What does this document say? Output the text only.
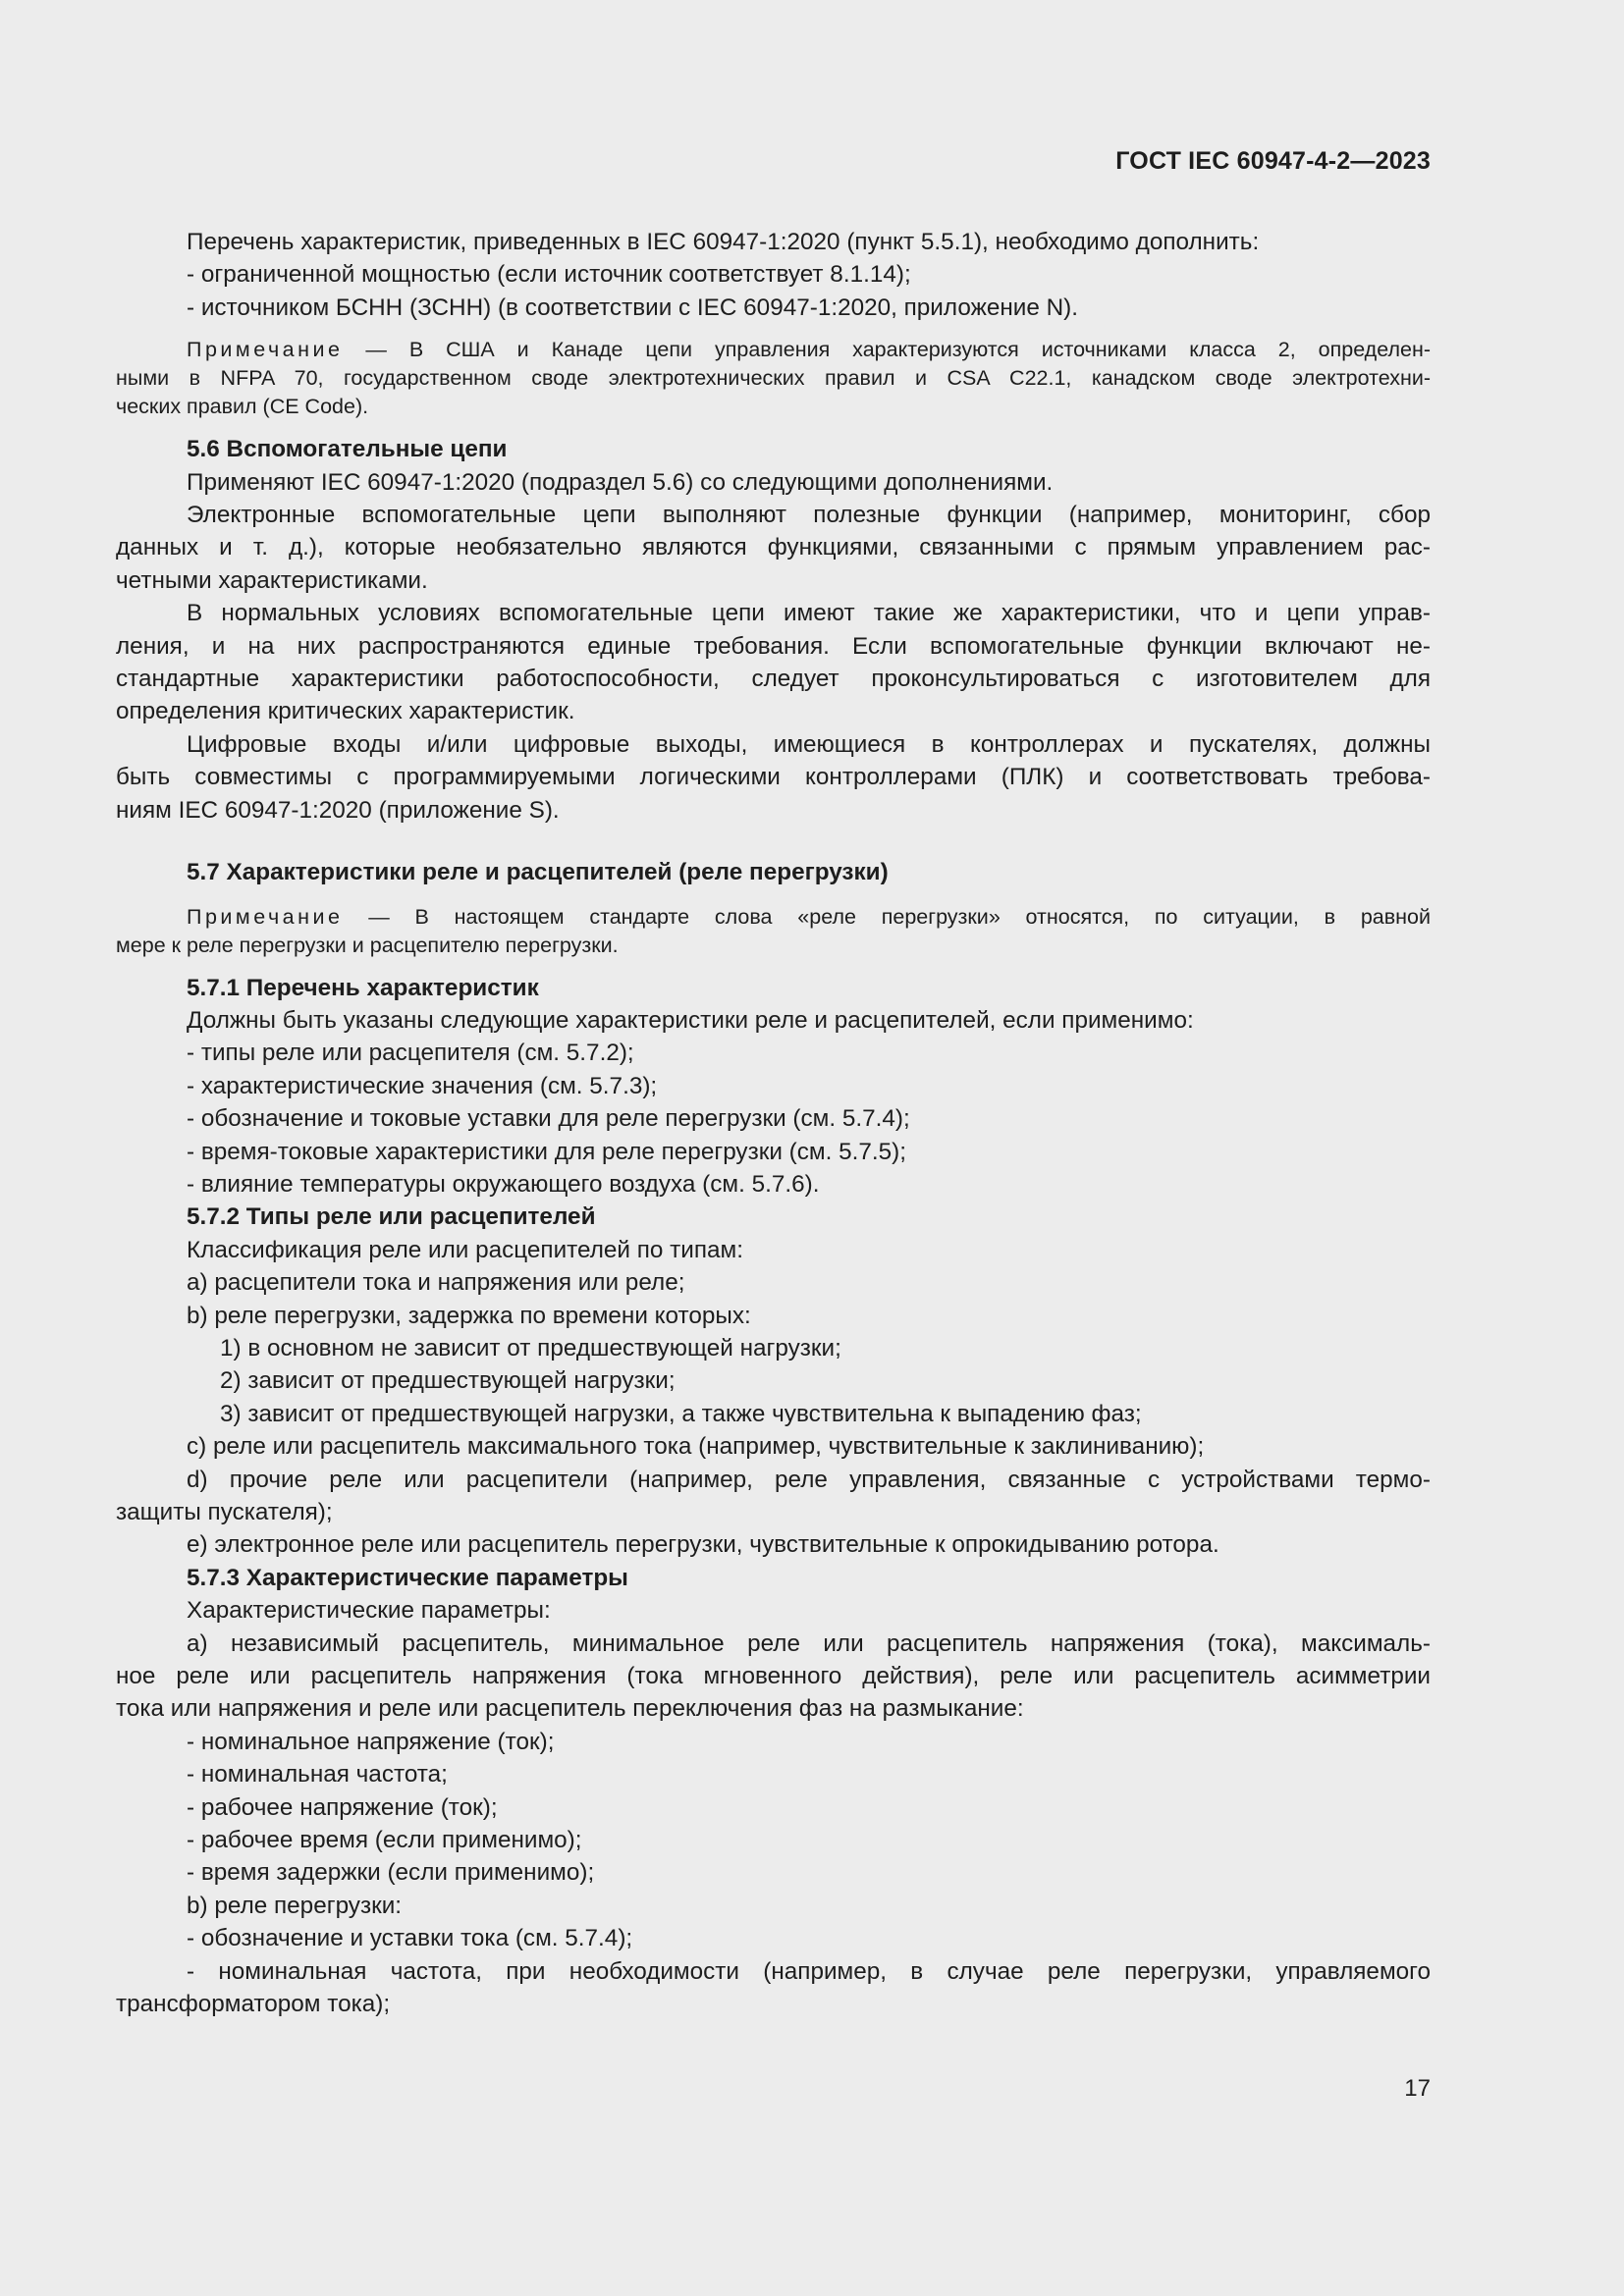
ГОСТ IEC 60947-4-2—2023

Перечень характеристик, приведенных в IEC 60947-1:2020 (пункт 5.5.1), необходимо дополнить:

- ограниченной мощностью (если источник соответствует 8.1.14);

- источником БСНН (ЗСНН) (в соответствии с IEC 60947-1:2020, приложение N).

Примечание — В США и Канаде цепи управления характеризуются источниками класса 2, определен-

ными в NFPA 70, государственном своде электротехнических правил и CSA C22.1, канадском своде электротехни-

ческих правил (CE Code).

5.6 Вспомогательные цепи

Применяют IEC 60947-1:2020 (подраздел 5.6) со следующими дополнениями.

Электронные вспомогательные цепи выполняют полезные функции (например, мониторинг, сбор

данных и т. д.), которые необязательно являются функциями, связанными с прямым управлением рас-

четными характеристиками.

В нормальных условиях вспомогательные цепи имеют такие же характеристики, что и цепи управ-

ления, и на них распространяются единые требования. Если вспомогательные функции включают не-

стандартные характеристики работоспособности, следует проконсультироваться с изготовителем для

определения критических характеристик.

Цифровые входы и/или цифровые выходы, имеющиеся в контроллерах и пускателях, должны

быть совместимы с программируемыми логическими контроллерами (ПЛК) и соответствовать требова-

ниям IEC 60947-1:2020 (приложение S).

5.7 Характеристики реле и расцепителей (реле перегрузки)

Примечание — В настоящем стандарте слова «реле перегрузки» относятся, по ситуации, в равной

мере к реле перегрузки и расцепителю перегрузки.

5.7.1 Перечень характеристик

Должны быть указаны следующие характеристики реле и расцепителей, если применимо:

- типы реле или расцепителя (см. 5.7.2);

- характеристические значения (см. 5.7.3);

- обозначение и токовые уставки для реле перегрузки (см. 5.7.4);

- время-токовые характеристики для реле перегрузки (см. 5.7.5);

- влияние температуры окружающего воздуха (см. 5.7.6).

5.7.2 Типы реле или расцепителей

Классификация реле или расцепителей по типам:

a) расцепители тока и напряжения или реле;

b) реле перегрузки, задержка по времени которых:

1) в основном не зависит от предшествующей нагрузки;

2) зависит от предшествующей нагрузки;

3) зависит от предшествующей нагрузки, а также чувствительна к выпадению фаз;

c) реле или расцепитель максимального тока (например, чувствительные к заклиниванию);

d) прочие реле или расцепители (например, реле управления, связанные с устройствами термо-

защиты пускателя);

e) электронное реле или расцепитель перегрузки, чувствительные к опрокидыванию ротора.

5.7.3 Характеристические параметры

Характеристические параметры:

a) независимый расцепитель, минимальное реле или расцепитель напряжения (тока), максималь-

ное реле или расцепитель напряжения (тока мгновенного действия), реле или расцепитель асимметрии

тока или напряжения и реле или расцепитель переключения фаз на размыкание:

- номинальное напряжение (ток);

- номинальная частота;

- рабочее напряжение (ток);

- рабочее время (если применимо);

- время задержки (если применимо);

b) реле перегрузки:

- обозначение и уставки тока (см. 5.7.4);

- номинальная частота, при необходимости (например, в случае реле перегрузки, управляемого

трансформатором тока);

17
